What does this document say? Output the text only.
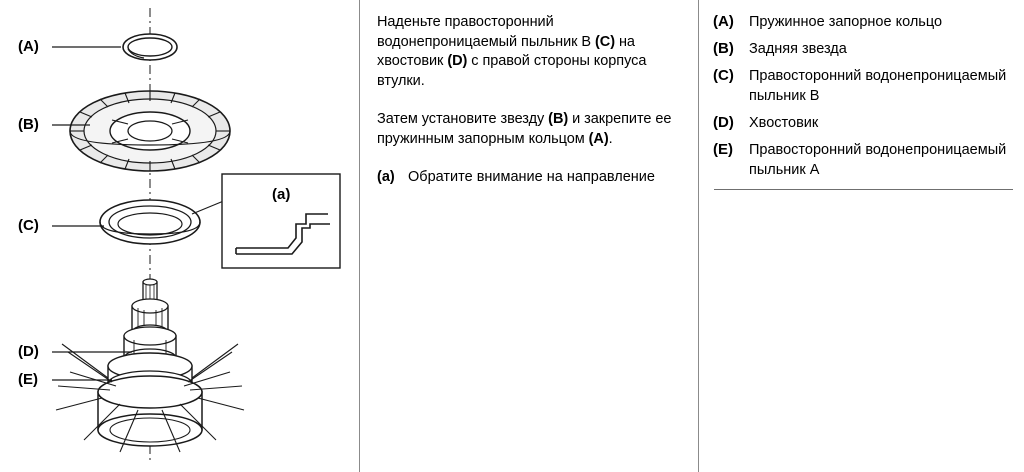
(A)
(B)
(C)
(D)
(E)
(a)

Наденьте правосторонний водонепроницаемый пыльник B (C) на хвостовик (D) с правой стороны корпуса втулки.

Затем установите звезду (B) и закрепите ее пружинным запорным кольцом (A).

(a) Обратите внимание на направление
(A)	Пружинное запорное кольцо
(B)	Задняя звезда
(C)	Правосторонний водонепроницаемый пыльник B
(D)	Хвостовик
(E)	Правосторонний водонепроницаемый пыльник A
